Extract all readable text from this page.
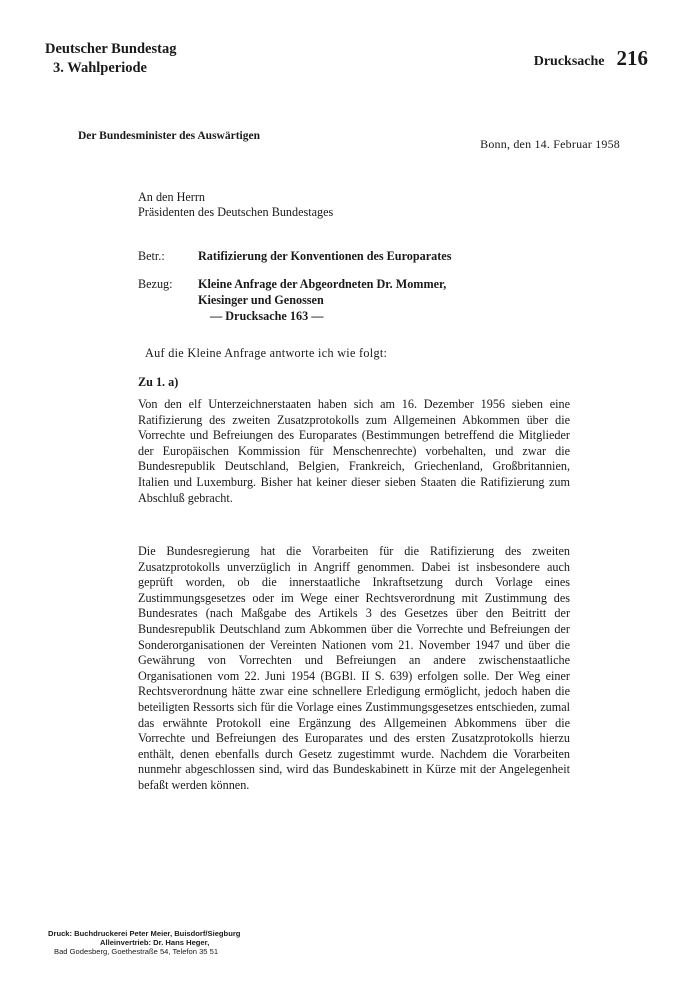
Deutscher Bundestag
3. Wahlperiode	Drucksache 216
Der Bundesminister des Auswärtigen
Bonn, den 14. Februar 1958
An den Herrn
Präsidenten des Deutschen Bundestages
Betr.:	Ratifizierung der Konventionen des Europarates
Bezug: Kleine Anfrage der Abgeordneten Dr. Mommer,
Kiesinger und Genossen
— Drucksache 163 —
Auf die Kleine Anfrage antworte ich wie folgt:
Zu 1. a)

Von den elf Unterzeichnerstaaten haben sich am 16. Dezember 1956 sieben eine Ratifizierung des zweiten Zusatzprotokolls zum Allgemeinen Abkommen über die Vorrechte und Befreiungen des Europarates (Bestimmungen betreffend die Mitglieder der Europäischen Kommission für Menschenrechte) vorbehalten, und zwar die Bundesrepublik Deutschland, Belgien, Frankreich, Griechenland, Großbritannien, Italien und Luxemburg. Bisher hat keiner dieser sieben Staaten die Ratifizierung zum Abschluß gebracht.

Die Bundesregierung hat die Vorarbeiten für die Ratifizierung des zweiten Zusatzprotokolls unverzüglich in Angriff genommen. Dabei ist insbesondere auch geprüft worden, ob die innerstaatliche Inkraftsetzung durch Vorlage eines Zustimmungsgesetzes oder im Wege einer Rechtsverordnung mit Zustimmung des Bundesrates (nach Maßgabe des Artikels 3 des Gesetzes über den Beitritt der Bundesrepublik Deutschland zum Abkommen über die Vorrechte und Befreiungen der Sonderorganisationen der Vereinten Nationen vom 21. November 1947 und über die Gewährung von Vorrechten und Befreiungen an andere zwischenstaatliche Organisationen vom 22. Juni 1954 (BGBl. II S. 639) erfolgen solle. Der Weg einer Rechtsverordnung hätte zwar eine schnellere Erledigung ermöglicht, jedoch haben die beteiligten Ressorts sich für die Vorlage eines Zustimmungsgesetzes entschieden, zumal das erwähnte Protokoll eine Ergänzung des Allgemeinen Abkommens über die Vorrechte und Befreiungen des Europarates und des ersten Zusatzprotokolls hierzu enthält, denen ebenfalls durch Gesetz zugestimmt wurde. Nachdem die Vorarbeiten nunmehr abgeschlossen sind, wird das Bundeskabinett in Kürze mit der Angelegenheit befaßt werden können.

Druck: Buchdruckerei Peter Meier, Buisdorf/Siegburg
Alleinvertrieb: Dr. Hans Heger,
Bad Godesberg, Goethestraße 54, Telefon 35 51
